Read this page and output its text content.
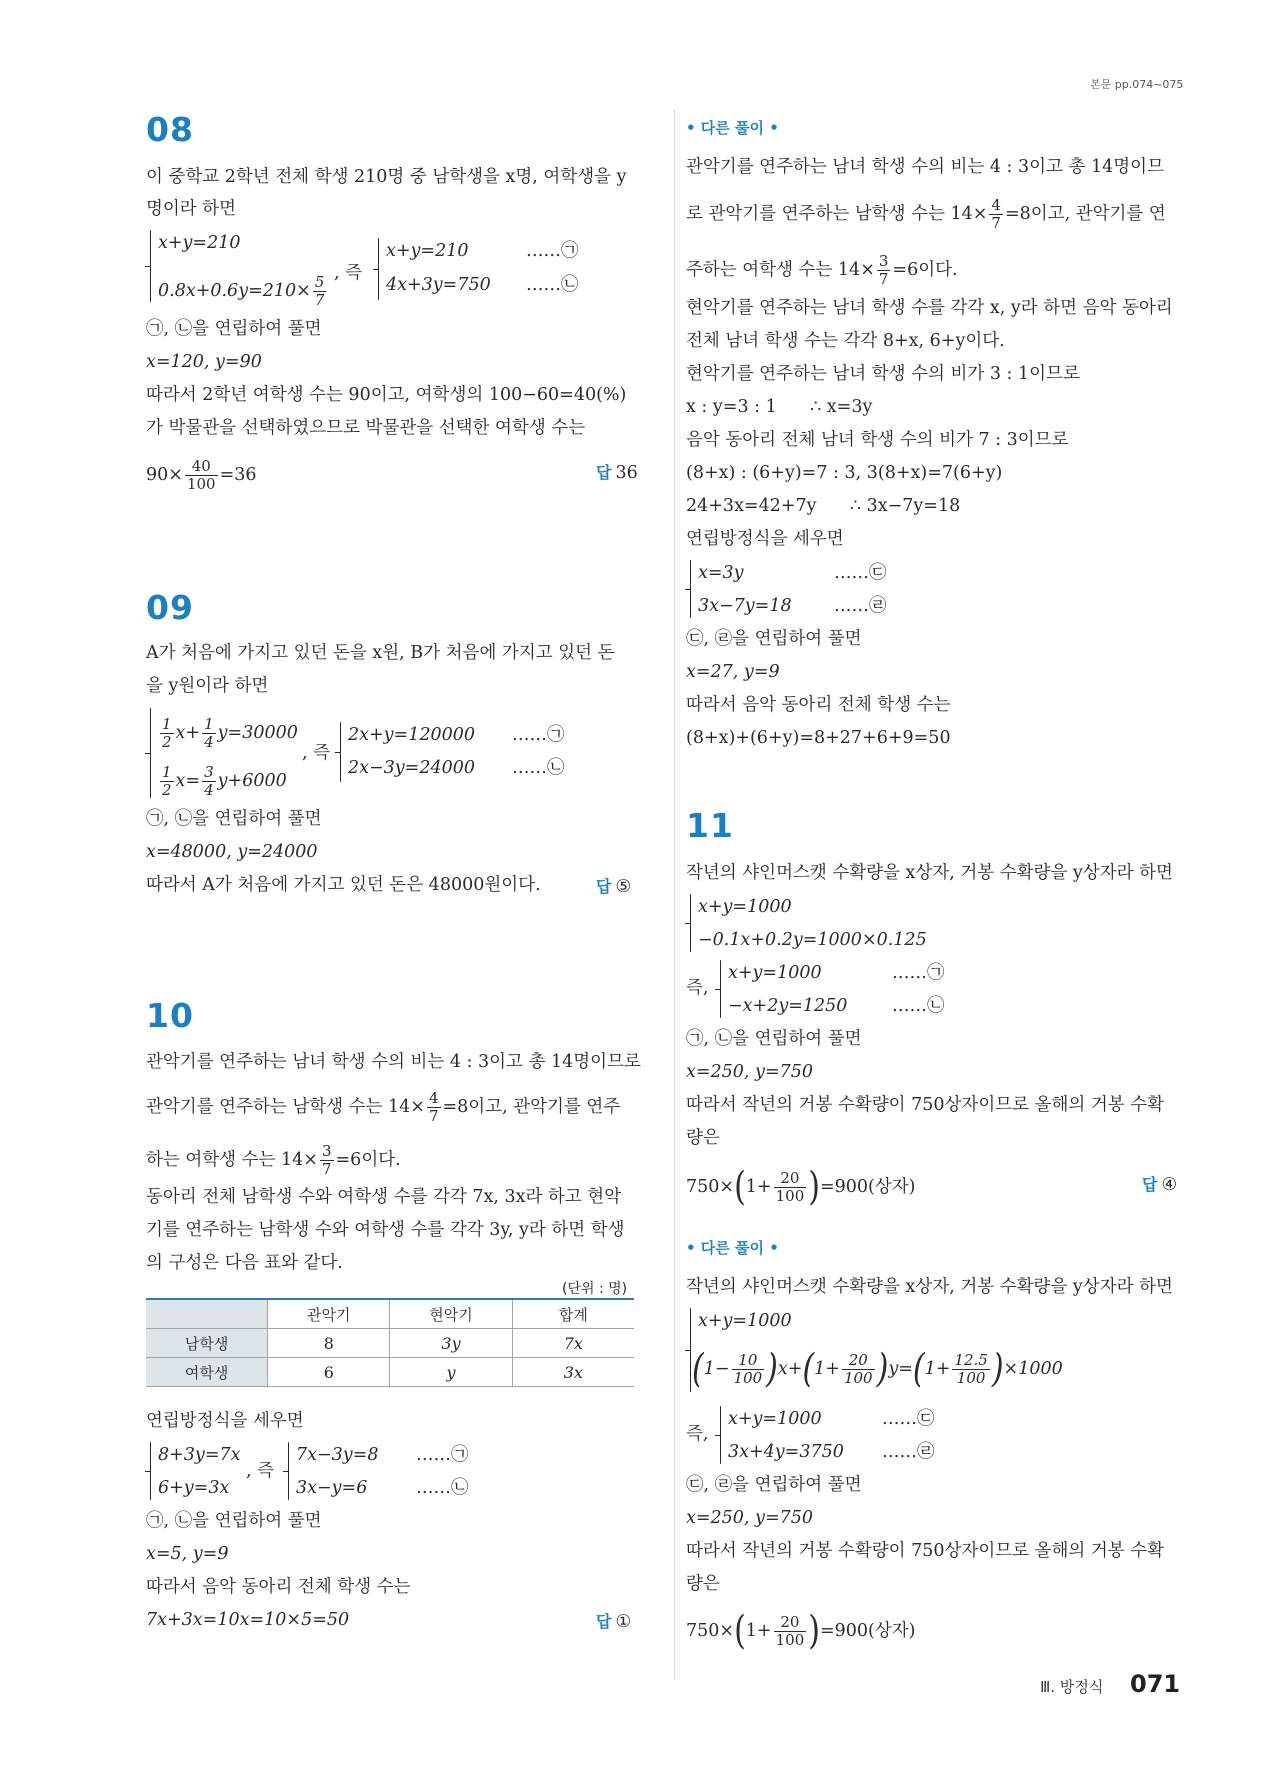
본문 pp.074~075
08
이 중학교 2학년 전체 학생 210명 중 남학생을 x명, 여학생을 y
명이라 하면
x+y=210
$0.8x+0.6y=210\times \frac{5}{7}$
, 즉
x+y=210
4x+3y=750
……㉠
……㉡
㉠, ㉡을 연립하여 풀면
x=120, y=90
따라서 2학년 여학생 수는 90이고, 여학생의 100−60=40(%)
가 박물관을 선택하였으므로 박물관을 선택한 여학생 수는
$90\times \frac{40}{100} =36$	답 36
09
A가 처음에 가지고 있던 돈을 x원, B가 처음에 가지고 있던 돈
을 y원이라 하면
$\frac{1}{2} x+ \frac{1}{4} y=30000$
$\frac{1}{2} x= \frac{3}{4} y+6000$
, 즉
2x+y=120000
2x−3y=24000
……㉠
……㉡
㉠, ㉡을 연립하여 풀면
x=48000, y=24000
따라서 A가 처음에 가지고 있던 돈은 48000원이다.	답 ⑤
10
관악기를 연주하는 남녀 학생 수의 비는 4 : 3이고 총 14명이므로
관악기를 연주하는 남학생 수는 $14\times \frac{4}{7} =8$이고, 관악기를 연주
하는 여학생 수는 $14\times \frac{3}{7} =6$이다.
동아리 전체 남학생 수와 여학생 수를 각각 7x, 3x라 하고 현악
기를 연주하는 남학생 수와 여학생 수를 각각 3y, y라 하면 학생
의 구성은 다음 표와 같다.
(단위 : 명)
	관악기	현악기	합계
남학생	8	3y	7x
여학생	6	y	3x
연립방정식을 세우면
8+3y=7x
6+y=3x
, 즉
7x−3y=8
3x−y=6
……㉠
……㉡
㉠, ㉡을 연립하여 풀면
x=5, y=9
따라서 음악 동아리 전체 학생 수는
7x+3x=10x=10×5=50	답 ①
• 다른 풀이 •
관악기를 연주하는 남녀 학생 수의 비는 4 : 3이고 총 14명이므
로 관악기를 연주하는 남학생 수는 $14\times \frac{4}{7} =8$이고, 관악기를 연
주하는 여학생 수는 $14\times \frac{3}{7} =6$이다.
현악기를 연주하는 남녀 학생 수를 각각 x, y라 하면 음악 동아리
전체 남녀 학생 수는 각각 8+x, 6+y이다.
현악기를 연주하는 남녀 학생 수의 비가 3 : 1이므로
x : y=3 : 1      ∴ x=3y
음악 동아리 전체 남녀 학생 수의 비가 7 : 3이므로
(8+x) : (6+y)=7 : 3, 3(8+x)=7(6+y)
24+3x=42+7y      ∴ 3x−7y=18
연립방정식을 세우면
x=3y
3x−7y=18
……㉢
……㉣
㉢, ㉣을 연립하여 풀면
x=27, y=9
따라서 음악 동아리 전체 학생 수는
(8+x)+(6+y)=8+27+6+9=50
11
작년의 샤인머스캣 수확량을 x상자, 거봉 수확량을 y상자라 하면
x+y=1000
−0.1x+0.2y=1000×0.125
즉,
x+y=1000
−x+2y=1250
……㉠
……㉡
㉠, ㉡을 연립하여 풀면
x=250, y=750
따라서 작년의 거봉 수확량이 750상자이므로 올해의 거봉 수확
량은
$750\times(1+ \frac{20}{100} )=900$(상자)	답 ④
• 다른 풀이 •
작년의 샤인머스캣 수확량을 x상자, 거봉 수확량을 y상자라 하면
x+y=1000
$(1- \frac{10}{100} )x+(1+ \frac{20}{100} )y=(1+ \frac{12.5}{100} )\times 1000$
즉,
x+y=1000
3x+4y=3750
……㉢
……㉣
㉢, ㉣을 연립하여 풀면
x=250, y=750
따라서 작년의 거봉 수확량이 750상자이므로 올해의 거봉 수확
량은
$750\times(1+ \frac{20}{100} )=900$(상자)
Ⅲ. 방정식 071
